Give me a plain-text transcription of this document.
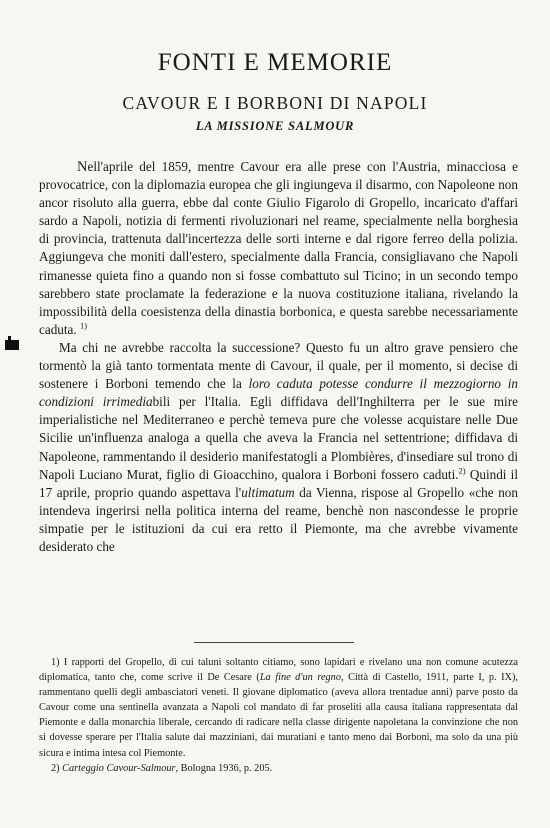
FONTI E MEMORIE
CAVOUR E I BORBONI DI NAPOLI
LA MISSIONE SALMOUR

Nell'aprile del 1859, mentre Cavour era alle prese con l'Austria, minacciosa e provocatrice, con la diplomazia europea che gli ingiungeva il disarmo, con Napoleone non ancor risoluto alla guerra, ebbe dal conte Giulio Figarolo di Gropello, incaricato d'affari sardo a Napoli, notizia di fermenti rivoluzionari nel reame, specialmente nella borghesia di provincia, trattenuta dall'incertezza delle sorti interne e dal rigore ferreo della polizia. Aggiungeva che moniti dall'estero, specialmente dalla Francia, consigliavano che Napoli rimanesse quieta fino a quando non si fosse combattuto sul Ticino; in un secondo tempo sarebbero state proclamate la federazione e la nuova costituzione italiana, rivelando la impossibilità della coesistenza della dinastia borbonica, e questa sarebbe necessariamente caduta. $^{1)}$

Ma chi ne avrebbe raccolta la successione? Questo fu un altro grave pensiero che tormentò la già tanto tormentata mente di Cavour, il quale, per il momento, si decise di sostenere i Borboni temendo che la loro caduta potesse condurre il mezzogiorno in condizioni irrimediabili per l'Italia. Egli diffidava dell'Inghilterra per le sue mire imperialistiche nel Mediterraneo e perchè temeva pure che volesse acquistare nelle Due Sicilie un'influenza analoga a quella che aveva la Francia nel settentrione; diffidava di Napoleone, rammentando il desiderio manifestatogli a Plombières, d'insediare sul trono di Napoli Luciano Murat, figlio di Gioacchino, qualora i Borboni fossero caduti.$^{2)}$ Quindi il 17 aprile, proprio quando aspettava l'ultimatum da Vienna, rispose al Gropello «che non intendeva ingerirsi nella politica interna del reame, benchè non nascondesse le proprie simpatie per le istituzioni da cui era retto il Piemonte, ma che avrebbe vivamente desiderato che

1) I rapporti del Gropello, di cui taluni soltanto citiamo, sono lapidari e rivelano una non comune acutezza diplomatica, tanto che, come scrive il De Cesare (La fine d'un regno, Città di Castello, 1911, parte I, p. IX), rammentano quelli degli ambasciatori veneti. Il giovane diplomatico (aveva allora trentadue anni) parve posto da Cavour come una sentinella avanzata a Napoli col mandato di far proseliti alla causa italiana rappresentata dal Piemonte e dalla monarchia liberale, cercando di radicare nella classe dirigente napoletana la convinzione che non si dovesse sperare per l'Italia salute dai mazziniani, dai muratiani e tanto meno dai Borboni, ma solo da una più sicura e intima intesa col Piemonte.

2) Carteggio Cavour-Salmour, Bologna 1936, p. 205.
